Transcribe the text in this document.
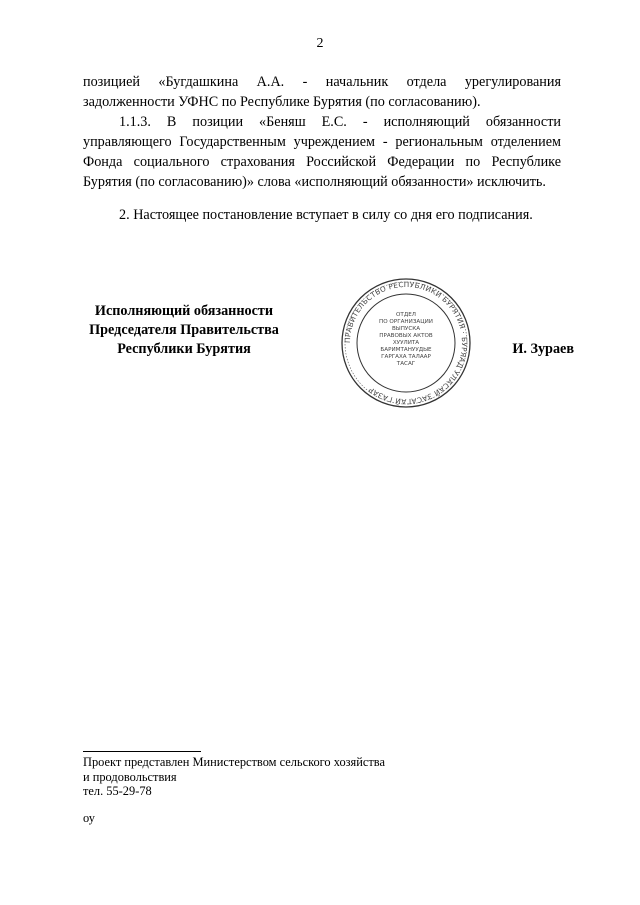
2

позицией «Бугдашкина А.А. - начальник отдела урегулирования задолженности УФНС по Республике Бурятия (по согласованию).

1.1.3. В позиции «Беняш Е.С. - исполняющий обязанности управляющего Государственным учреждением - региональным отделением Фонда социального страхования Российской Федерации по Республике Бурятия (по согласованию)» слова «исполняющий обязанности» исключить.

2. Настоящее постановление вступает в силу со дня его подписания.

Исполняющий обязанности
Председателя Правительства
Республики Бурятия
ПРАВИТЕЛЬСТВО РЕСПУБЛИКИ БУРЯТИЯ · БУРЯАД УЛАСАЙ ЗАСАГАЙ ГАЗАР
ОТДЕЛ
ПО ОРГАНИЗАЦИИ
ВЫПУСКА
ПРАВОВЫХ АКТОВ
ХУУЛИТА
БАРИМТАНУУДЫЕ
ГАРГАХА ТАЛААР
ТАСАГ
И. Зураев
Проект представлен Министерством сельского хозяйства
и продовольствия
тел. 55-29-78
оу
